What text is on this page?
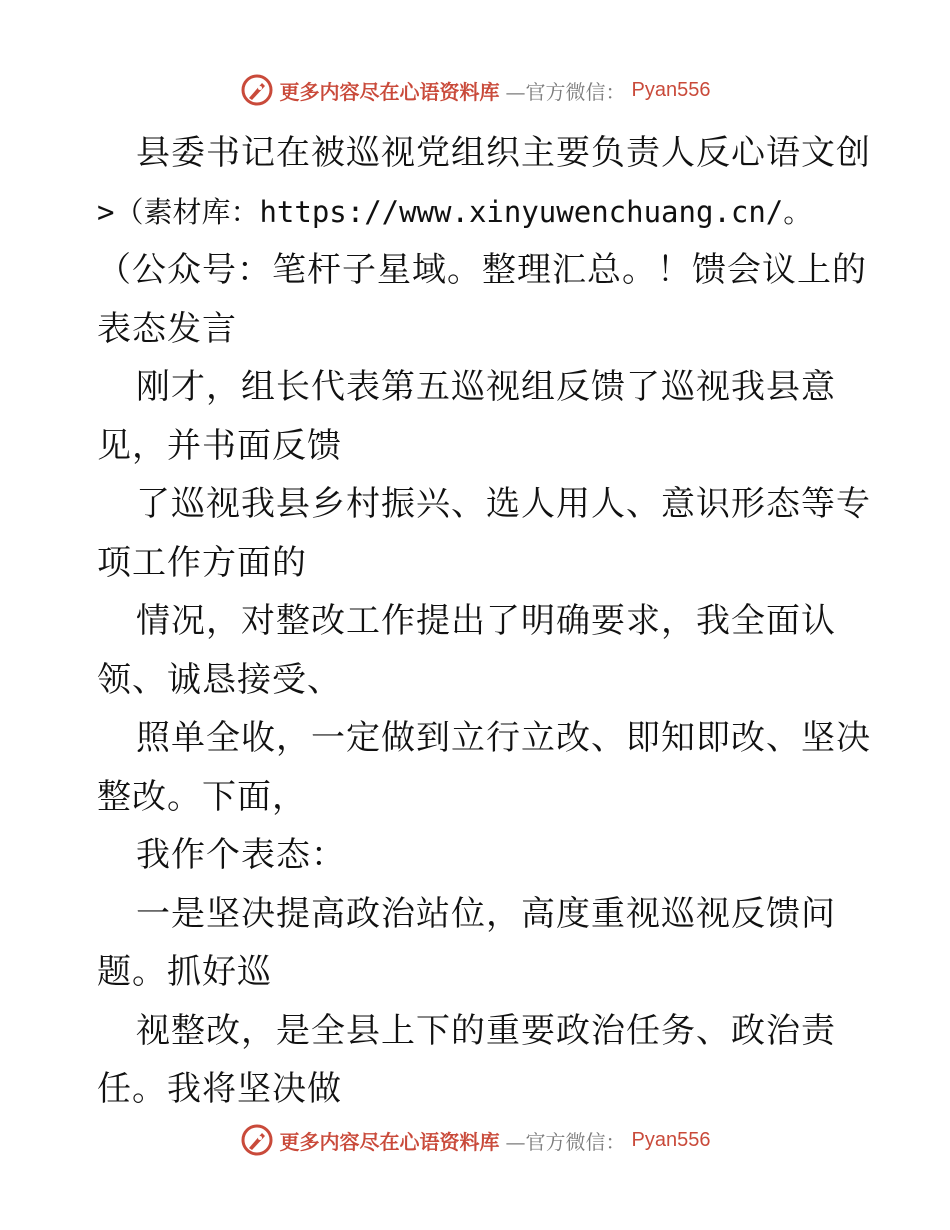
更多内容尽在心语资料库 —官方微信： Pyan556
县委书记在被巡视党组织主要负责人反心语文创
>（素材库：https://www.xinyuwenchuang.cn/。
（公众号：笔杆子星域。整理汇总。！馈会议上的
表态发言
刚才，组长代表第五巡视组反馈了巡视我县意
见，并书面反馈
了巡视我县乡村振兴、选人用人、意识形态等专
项工作方面的
情况，对整改工作提出了明确要求，我全面认
领、诚恳接受、
照单全收，一定做到立行立改、即知即改、坚决
整改。下面，
我作个表态：
一是坚决提高政治站位，高度重视巡视反馈问
题。抓好巡
视整改，是全县上下的重要政治任务、政治责
任。我将坚决做
更多内容尽在心语资料库 —官方微信： Pyan556
